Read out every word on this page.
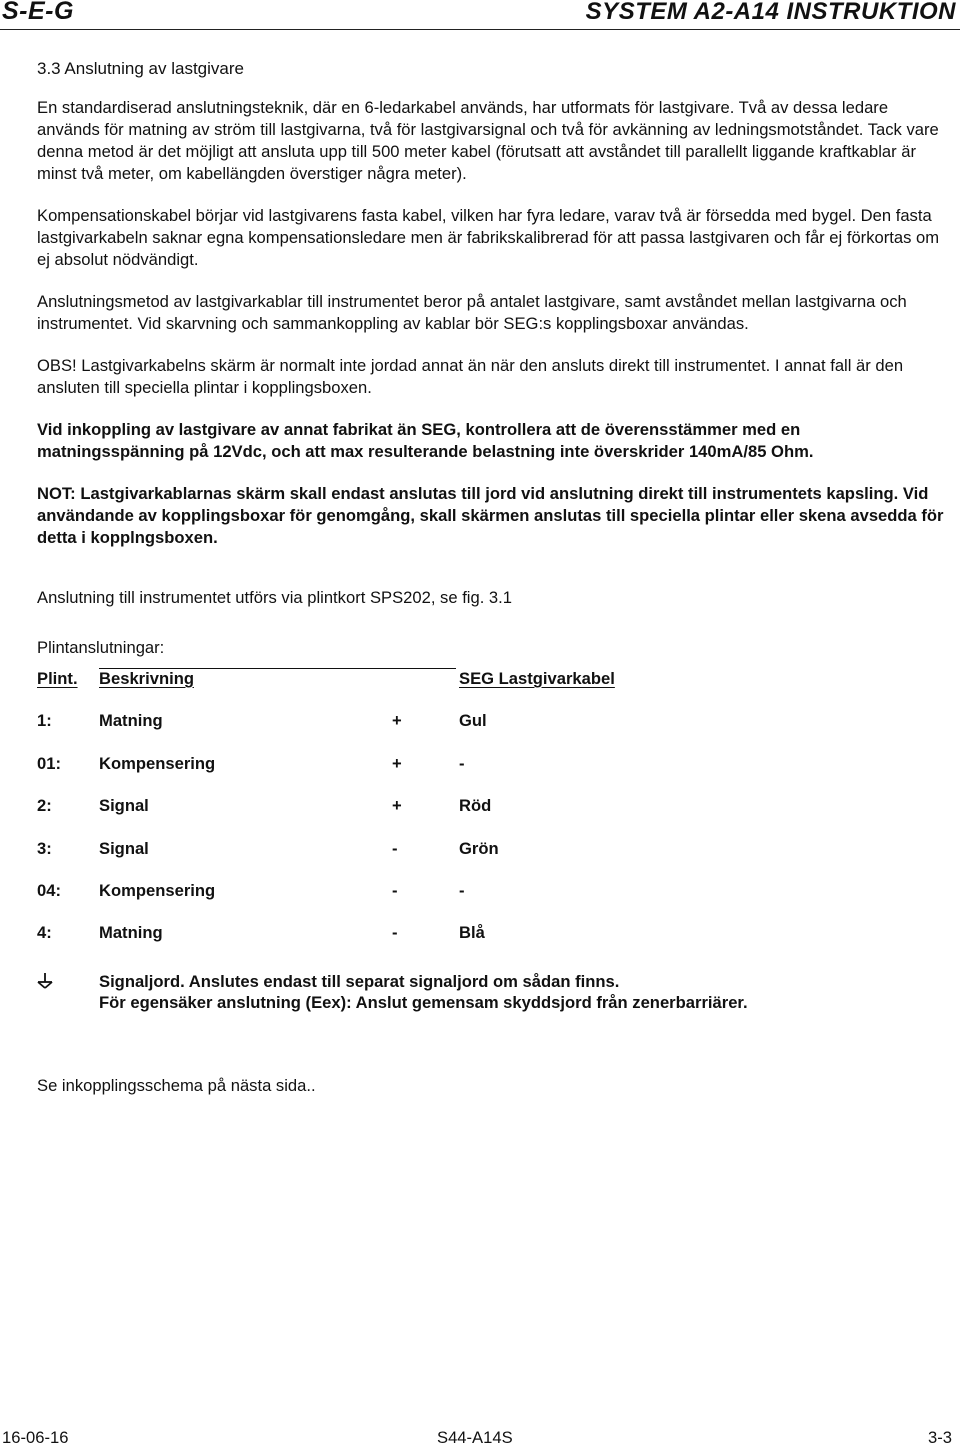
S-E-G	SYSTEM A2-A14 INSTRUKTION
3.3 Anslutning av lastgivare

En standardiserad anslutningsteknik, där en 6-ledarkabel används, har utformats för lastgivare. Två av dessa ledare används för matning av ström till lastgivarna, två för lastgivarsignal och två för avkänning av ledningsmotståndet. Tack vare denna metod är det möjligt att ansluta upp till 500 meter kabel (förutsatt att avståndet till parallellt liggande kraftkablar är minst två meter, om kabellängden överstiger några meter).

Kompensationskabel börjar vid lastgivarens fasta kabel, vilken har fyra ledare, varav två är försedda med bygel. Den fasta lastgivarkabeln saknar egna kompensationsledare men är fabrikskalibrerad för att passa lastgivaren och får ej förkortas om ej absolut nödvändigt.

Anslutningsmetod av lastgivarkablar till instrumentet beror på antalet lastgivare, samt avståndet mellan lastgivarna och instrumentet. Vid skarvning och sammankoppling av kablar bör SEG:s kopplingsboxar användas.

OBS! Lastgivarkabelns skärm är normalt inte jordad annat än när den ansluts direkt till instrumentet. I annat fall är den ansluten till speciella plintar i kopplingsboxen.

Vid inkoppling av lastgivare av annat fabrikat än SEG, kontrollera att de överensstämmer med en matningsspänning på 12Vdc, och att max resulterande belastning inte överskrider 140mA/85 Ohm.

NOT: Lastgivarkablarnas skärm skall endast anslutas till jord vid anslutning direkt till instrumentets kapsling. Vid användande av kopplingsboxar för genomgång, skall skärmen anslutas till speciella plintar eller skena avsedda för detta i kopplngsboxen.

Anslutning till instrumentet utförs via plintkort SPS202, se fig. 3.1

Plintanslutningar:

Plint. Beskrivning	SEG Lastgivarkabel
1:	Matning	+	Gul
01: Kompensering	+	-
2:	Signal	+	Röd
3:	Signal	-	Grön
04: Kompensering	-	-
4:	Matning	-	Blå
Signaljord. Anslutes endast till separat signaljord om sådan finns.
För egensäker anslutning (Eex): Anslut gemensam skyddsjord från zenerbarriärer.
Se inkopplingsschema på nästa sida..
16-06-16	S44-A14S	3-3
